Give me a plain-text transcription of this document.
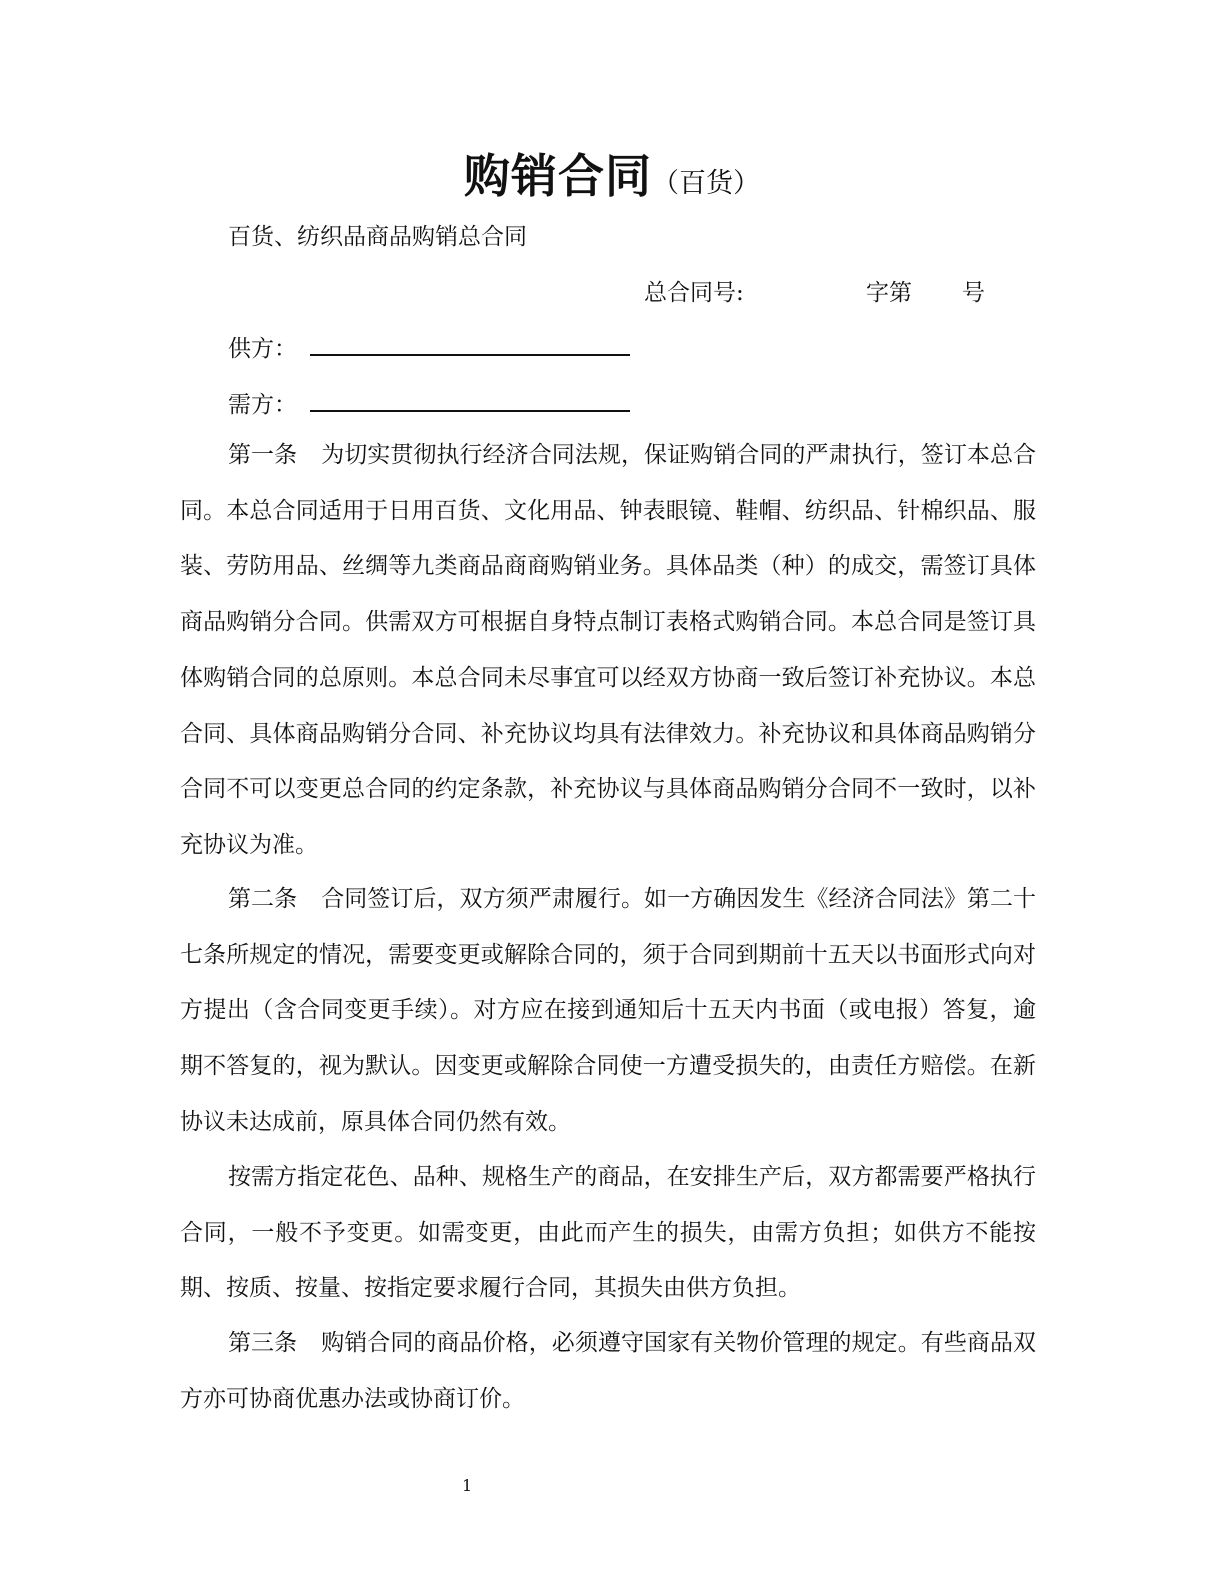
购销合同（百货）
百货、纺织品商品购销总合同
总合同号:	字第 号
供方：
需方：

第一条 为切实贯彻执行经济合同法规，保证购销合同的严肃执行，签订本总合同。本总合同适用于日用百货、文化用品、钟表眼镜、鞋帽、纺织品、针棉织品、服装、劳防用品、丝绸等九类商品商商购销业务。具体品类（种）的成交，需签订具体商品购销分合同。供需双方可根据自身特点制订表格式购销合同。本总合同是签订具体购销合同的总原则。本总合同未尽事宜可以经双方协商一致后签订补充协议。本总合同、具体商品购销分合同、补充协议均具有法律效力。补充协议和具体商品购销分合同不可以变更总合同的约定条款，补充协议与具体商品购销分合同不一致时，以补充协议为准。

第二条 合同签订后，双方须严肃履行。如一方确因发生《经济合同法》第二十七条所规定的情况，需要变更或解除合同的，须于合同到期前十五天以书面形式向对方提出（含合同变更手续）。对方应在接到通知后十五天内书面（或电报）答复，逾期不答复的，视为默认。因变更或解除合同使一方遭受损失的，由责任方赔偿。在新协议未达成前，原具体合同仍然有效。

按需方指定花色、品种、规格生产的商品，在安排生产后，双方都需要严格执行合同，一般不予变更。如需变更，由此而产生的损失，由需方负担；如供方不能按期、按质、按量、按指定要求履行合同，其损失由供方负担。

第三条 购销合同的商品价格，必须遵守国家有关物价管理的规定。有些商品双方亦可协商优惠办法或协商订价。

1
